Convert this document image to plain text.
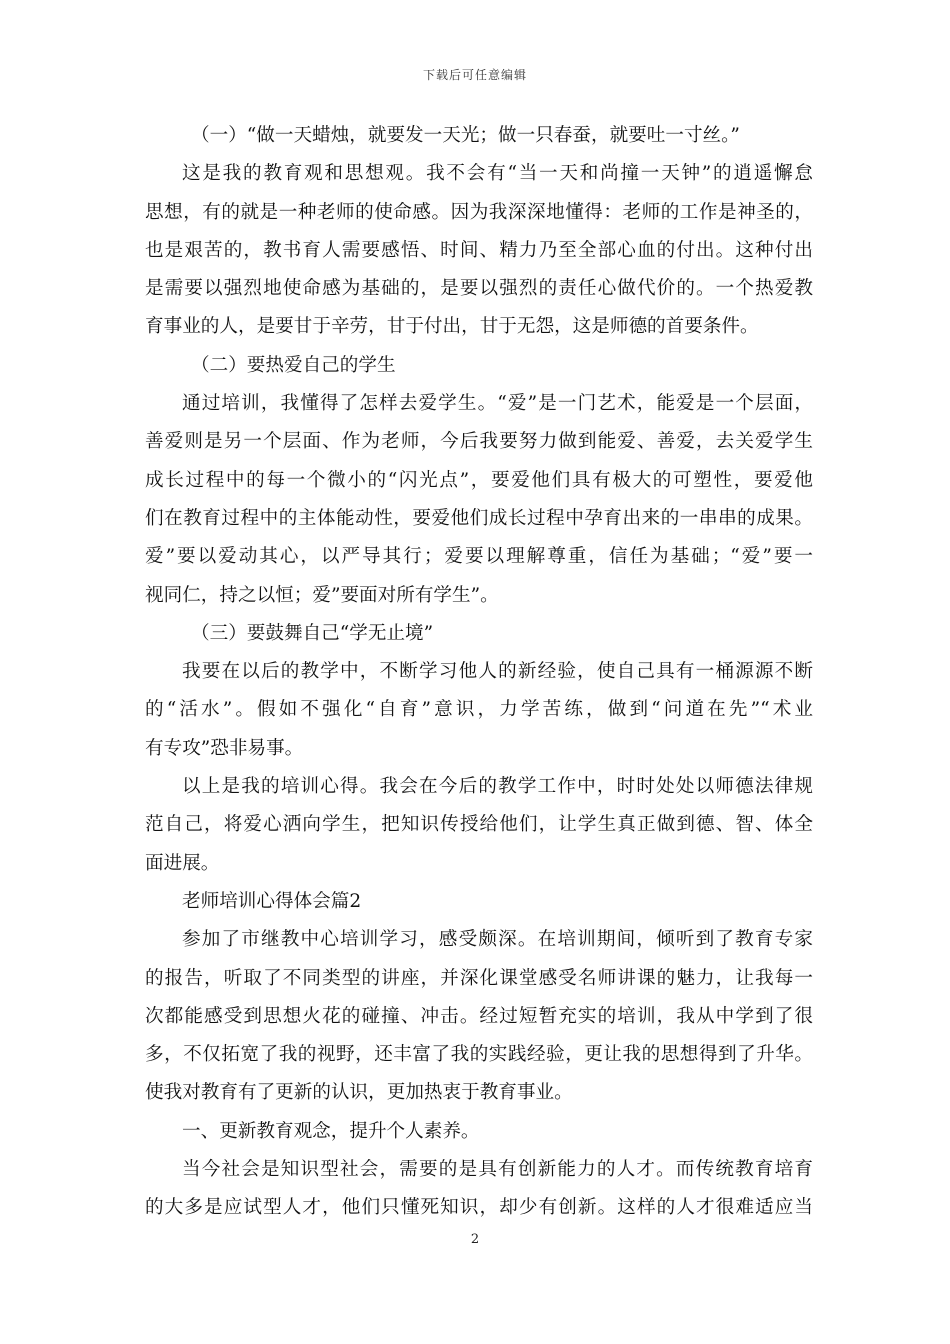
下载后可任意编辑
（一）“做一天蜡烛，就要发一天光；做一只春蚕，就要吐一寸丝。”
这是我的教育观和思想观。我不会有“当一天和尚撞一天钟”的逍遥懈怠
思想，有的就是一种老师的使命感。因为我深深地懂得：老师的工作是神圣的，
也是艰苦的，教书育人需要感悟、时间、精力乃至全部心血的付出。这种付出
是需要以强烈地使命感为基础的，是要以强烈的责任心做代价的。一个热爱教
育事业的人，是要甘于辛劳，甘于付出，甘于无怨，这是师德的首要条件。
（二）要热爱自己的学生
通过培训，我懂得了怎样去爱学生。“爱”是一门艺术，能爱是一个层面，
善爱则是另一个层面、作为老师，今后我要努力做到能爱、善爱，去关爱学生
成长过程中的每一个微小的“闪光点”，要爱他们具有极大的可塑性，要爱他
们在教育过程中的主体能动性，要爱他们成长过程中孕育出来的一串串的成果。
爱”要以爱动其心，以严导其行；爱要以理解尊重，信任为基础；“爱”要一
视同仁，持之以恒；爱”要面对所有学生”。
（三）要鼓舞自己“学无止境”
我要在以后的教学中，不断学习他人的新经验，使自己具有一桶源源不断
的“活水”。假如不强化“自育”意识，力学苦练，做到“问道在先”“术业
有专攻”恐非易事。
以上是我的培训心得。我会在今后的教学工作中，时时处处以师德法律规
范自己，将爱心洒向学生，把知识传授给他们，让学生真正做到德、智、体全
面进展。
老师培训心得体会篇2
参加了市继教中心培训学习，感受颇深。在培训期间，倾听到了教育专家
的报告，听取了不同类型的讲座，并深化课堂感受名师讲课的魅力，让我每一
次都能感受到思想火花的碰撞、冲击。经过短暂充实的培训，我从中学到了很
多，不仅拓宽了我的视野，还丰富了我的实践经验，更让我的思想得到了升华。
使我对教育有了更新的认识，更加热衷于教育事业。
一、更新教育观念，提升个人素养。
当今社会是知识型社会，需要的是具有创新能力的人才。而传统教育培育
的大多是应试型人才，他们只懂死知识，却少有创新。这样的人才很难适应当
2
